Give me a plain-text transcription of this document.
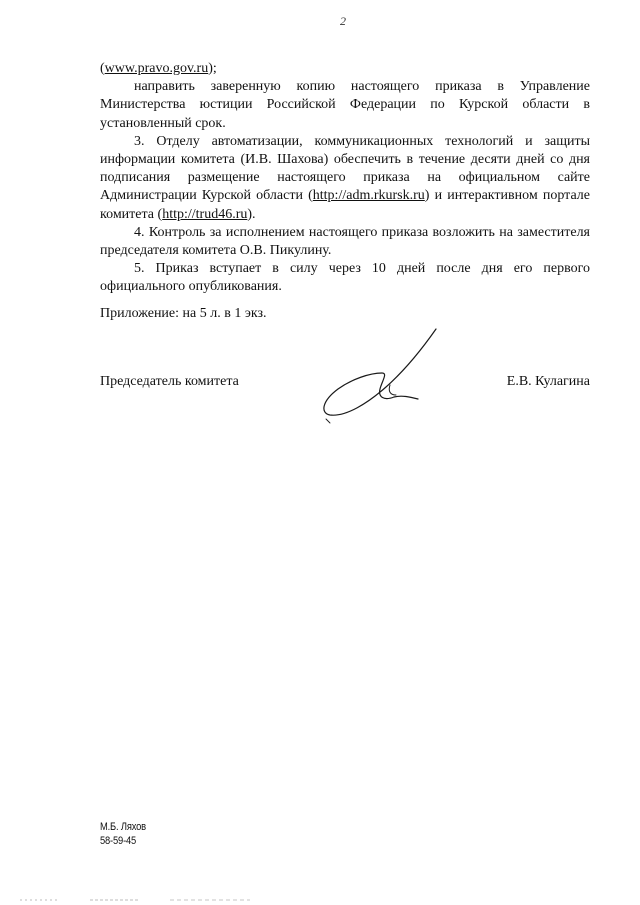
2

(www.pravo.gov.ru);

направить заверенную копию настоящего приказа в Управление Министерства юстиции Российской Федерации по Курской области в установленный срок.

3. Отделу автоматизации, коммуникационных технологий и защиты информации комитета (И.В. Шахова) обеспечить в течение десяти дней со дня подписания размещение настоящего приказа на официальном сайте Администрации Курской области (http://adm.rkursk.ru) и интерактивном портале комитета (http://trud46.ru).

4. Контроль за исполнением настоящего приказа возложить на заместителя председателя комитета О.В. Пикулину.

5. Приказ вступает в силу через 10 дней после дня его первого официального опубликования.

Приложение: на 5 л. в 1 экз.
Председатель комитета	Е.В. Кулагина
М.Б. Ляхов
58-59-45
